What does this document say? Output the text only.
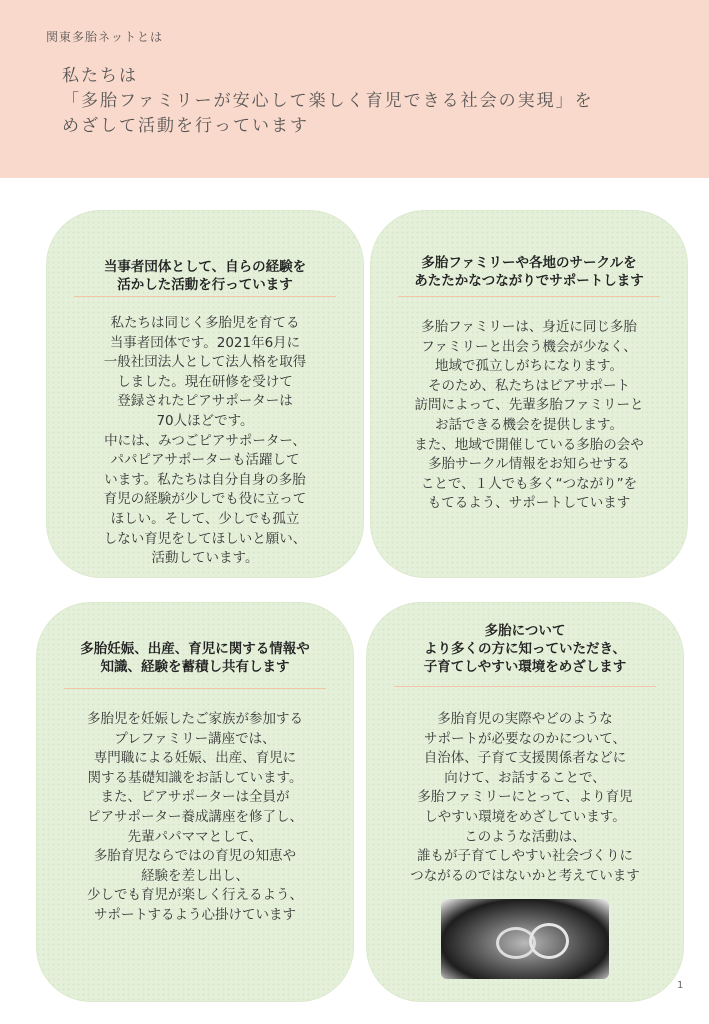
関東多胎ネットとは
私たちは
「多胎ファミリーが安心して楽しく育児できる社会の実現」を
めざして活動を行っています
当事者団体として、自らの経験を
活かした活動を行っています
私たちは同じく多胎児を育てる
当事者団体です。2021年6月に
一般社団法人として法人格を取得
しました。現在研修を受けて
登録されたピアサポーターは
70人ほどです。
中には、みつごピアサポーター、
パパピアサポーターも活躍して
います。私たちは自分自身の多胎
育児の経験が少しでも役に立って
ほしい。そして、少しでも孤立
しない育児をしてほしいと願い、
活動しています。
多胎ファミリーや各地のサークルを
あたたかなつながりでサポートします
多胎ファミリーは、身近に同じ多胎
ファミリーと出会う機会が少なく、
地域で孤立しがちになります。
そのため、私たちはピアサポート
訪問によって、先輩多胎ファミリーと
お話できる機会を提供します。
また、地域で開催している多胎の会や
多胎サークル情報をお知らせする
ことで、１人でも多く“つながり”を
もてるよう、サポートしています
多胎妊娠、出産、育児に関する情報や
知識、経験を蓄積し共有します
多胎児を妊娠したご家族が参加する
プレファミリー講座では、
専門職による妊娠、出産、育児に
関する基礎知識をお話しています。
また、ピアサポーターは全員が
ピアサポーター養成講座を修了し、
先輩パパママとして、
多胎育児ならではの育児の知恵や
経験を差し出し、
少しでも育児が楽しく行えるよう、
サポートするよう心掛けています
多胎について
より多くの方に知っていただき、
子育てしやすい環境をめざします
多胎育児の実際やどのような
サポートが必要なのかについて、
自治体、子育て支援関係者などに
向けて、お話することで、
多胎ファミリーにとって、より育児
しやすい環境をめざしています。
このような活動は、
誰もが子育てしやすい社会づくりに
つながるのではないかと考えています
1
